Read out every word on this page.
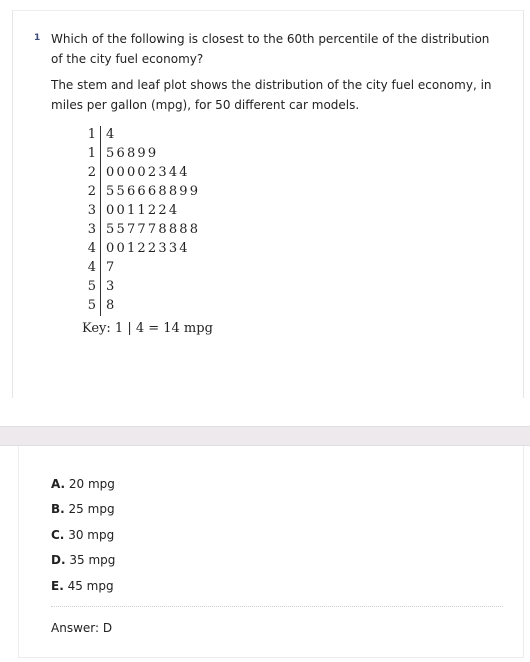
1 Which of the following is closest to the 60th percentile of the distribution of the city fuel economy?
The stem and leaf plot shows the distribution of the city fuel economy, in miles per gallon (mpg), for 50 different car models.
1 4
1 56899
2 00002344
2 556668899
3 0011224
3 557778888
4 00122334
4 7
5 3
5 8
Key: 1 | 4 = 14 mpg
A. 20 mpg
B. 25 mpg
C. 30 mpg
D. 35 mpg
E. 45 mpg
Answer: D
